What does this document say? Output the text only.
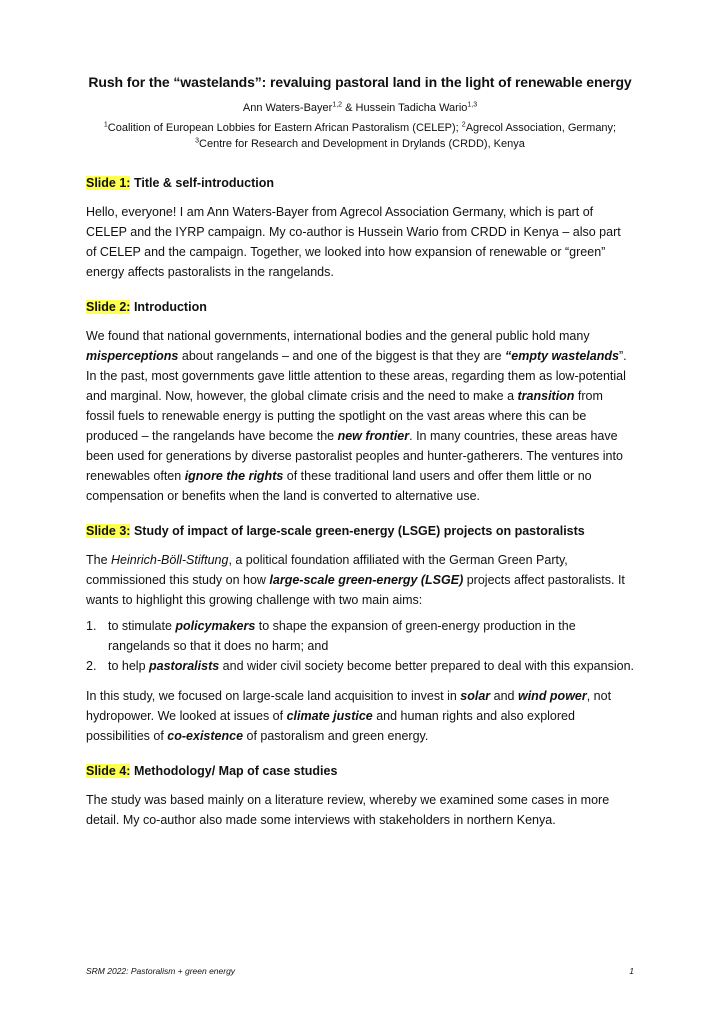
Rush for the “wastelands”: revaluing pastoral land in the light of renewable energy
Ann Waters-Bayer$^{1,2}$ & Hussein Tadicha Wario$^{1,3}$
$^1$Coalition of European Lobbies for Eastern African Pastoralism (CELEP); $^2$Agrecol Association, Germany;
$^3$Centre for Research and Development in Drylands (CRDD), Kenya
Slide 1: Title & self-introduction

Hello, everyone! I am Ann Waters-Bayer from Agrecol Association Germany, which is part of CELEP and the IYRP campaign. My co-author is Hussein Wario from CRDD in Kenya – also part of CELEP and the campaign. Together, we looked into how expansion of renewable or “green” energy affects pastoralists in the rangelands.

Slide 2: Introduction

We found that national governments, international bodies and the general public hold many misperceptions about rangelands – and one of the biggest is that they are “empty wastelands”. In the past, most governments gave little attention to these areas, regarding them as low-potential and marginal. Now, however, the global climate crisis and the need to make a transition from fossil fuels to renewable energy is putting the spotlight on the vast areas where this can be produced – the rangelands have become the new frontier. In many countries, these areas have been used for generations by diverse pastoralist peoples and hunter-gatherers. The ventures into renewables often ignore the rights of these traditional land users and offer them little or no compensation or benefits when the land is converted to alternative use.

Slide 3: Study of impact of large-scale green-energy (LSGE) projects on pastoralists

The Heinrich-Böll-Stiftung, a political foundation affiliated with the German Green Party, commissioned this study on how large-scale green-energy (LSGE) projects affect pastoralists. It wants to highlight this growing challenge with two main aims:

1. to stimulate policymakers to shape the expansion of green-energy production in the rangelands so that it does no harm; and
2. to help pastoralists and wider civil society become better prepared to deal with this expansion.

In this study, we focused on large-scale land acquisition to invest in solar and wind power, not hydropower. We looked at issues of climate justice and human rights and also explored possibilities of co-existence of pastoralism and green energy.

Slide 4: Methodology/ Map of case studies

The study was based mainly on a literature review, whereby we examined some cases in more detail. My co-author also made some interviews with stakeholders in northern Kenya.

SRM 2022: Pastoralism + green energy	1
